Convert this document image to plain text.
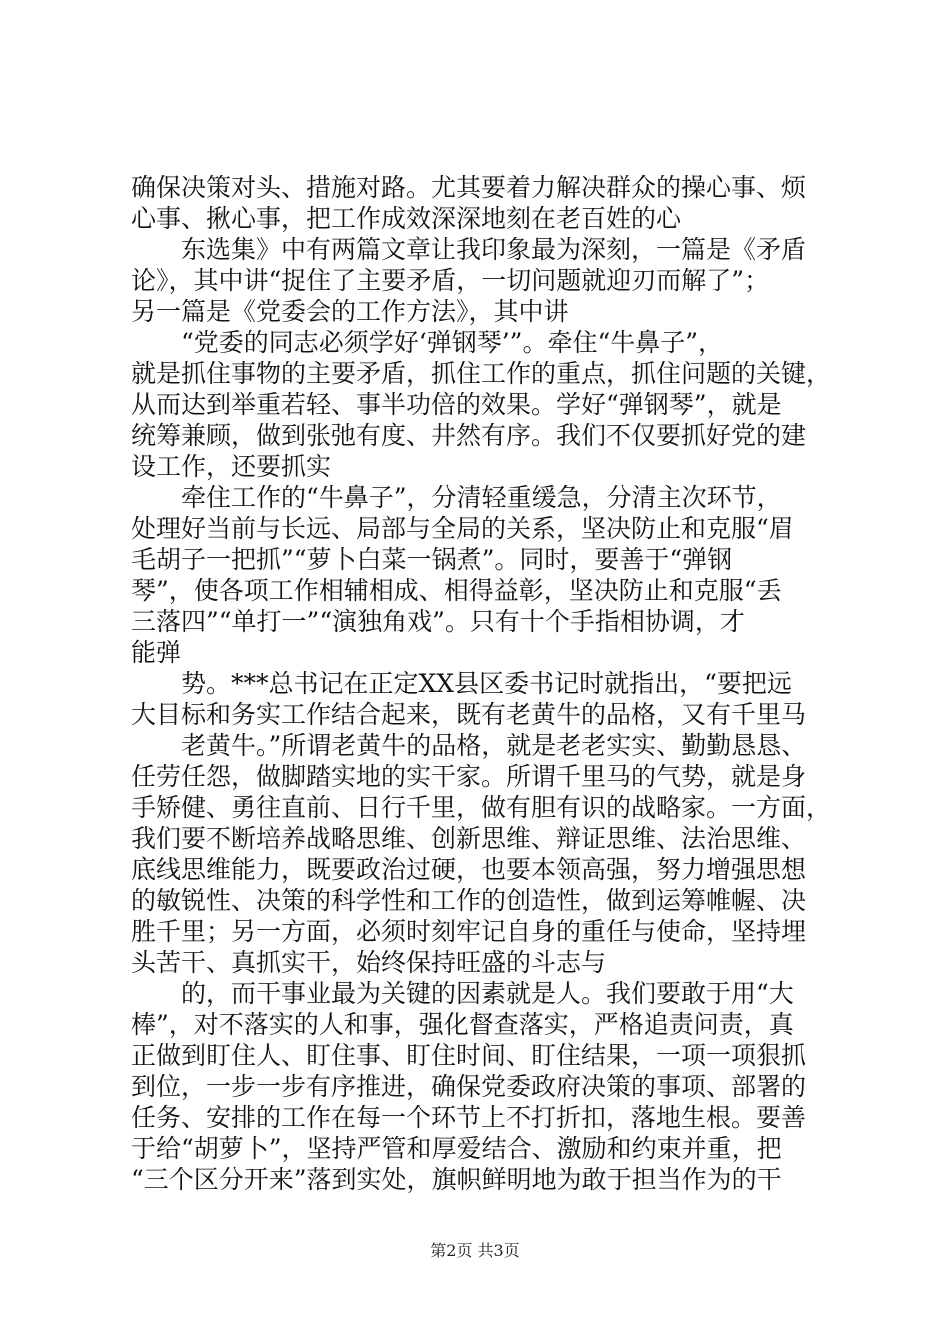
确保决策对头、措施对路。尤其要着力解决群众的操心事、烦
心事、揪心事，把工作成效深深地刻在老百姓的心
东选集》中有两篇文章让我印象最为深刻，一篇是《矛盾
论》，其中讲“捉住了主要矛盾，一切问题就迎刃而解了”；
另一篇是《党委会的工作方法》，其中讲
“党委的同志必须学好‘弹钢琴’”。牵住“牛鼻子”，
就是抓住事物的主要矛盾，抓住工作的重点，抓住问题的关键，
从而达到举重若轻、事半功倍的效果。学好“弹钢琴”，就是
统筹兼顾，做到张弛有度、井然有序。我们不仅要抓好党的建
设工作，还要抓实
牵住工作的“牛鼻子”，分清轻重缓急，分清主次环节，
处理好当前与长远、局部与全局的关系，坚决防止和克服“眉
毛胡子一把抓”“萝卜白菜一锅煮”。同时，要善于“弹钢
琴”，使各项工作相辅相成、相得益彰，坚决防止和克服“丢
三落四”“单打一”“演独角戏”。只有十个手指相协调，才
能弹
势。***总书记在正定XX县区委书记时就指出，“要把远
大目标和务实工作结合起来，既有老黄牛的品格，又有千里马
老黄牛。”所谓老黄牛的品格，就是老老实实、勤勤恳恳、
任劳任怨，做脚踏实地的实干家。所谓千里马的气势，就是身
手矫健、勇往直前、日行千里，做有胆有识的战略家。一方面，
我们要不断培养战略思维、创新思维、辩证思维、法治思维、
底线思维能力，既要政治过硬，也要本领高强，努力增强思想
的敏锐性、决策的科学性和工作的创造性，做到运筹帷幄、决
胜千里；另一方面，必须时刻牢记自身的重任与使命，坚持埋
头苦干、真抓实干，始终保持旺盛的斗志与
的，而干事业最为关键的因素就是人。我们要敢于用“大
棒”，对不落实的人和事，强化督查落实，严格追责问责，真
正做到盯住人、盯住事、盯住时间、盯住结果，一项一项狠抓
到位，一步一步有序推进，确保党委政府决策的事项、部署的
任务、安排的工作在每一个环节上不打折扣，落地生根。要善
于给“胡萝卜”，坚持严管和厚爱结合、激励和约束并重，把
“三个区分开来”落到实处，旗帜鲜明地为敢于担当作为的干
第2页 共3页
